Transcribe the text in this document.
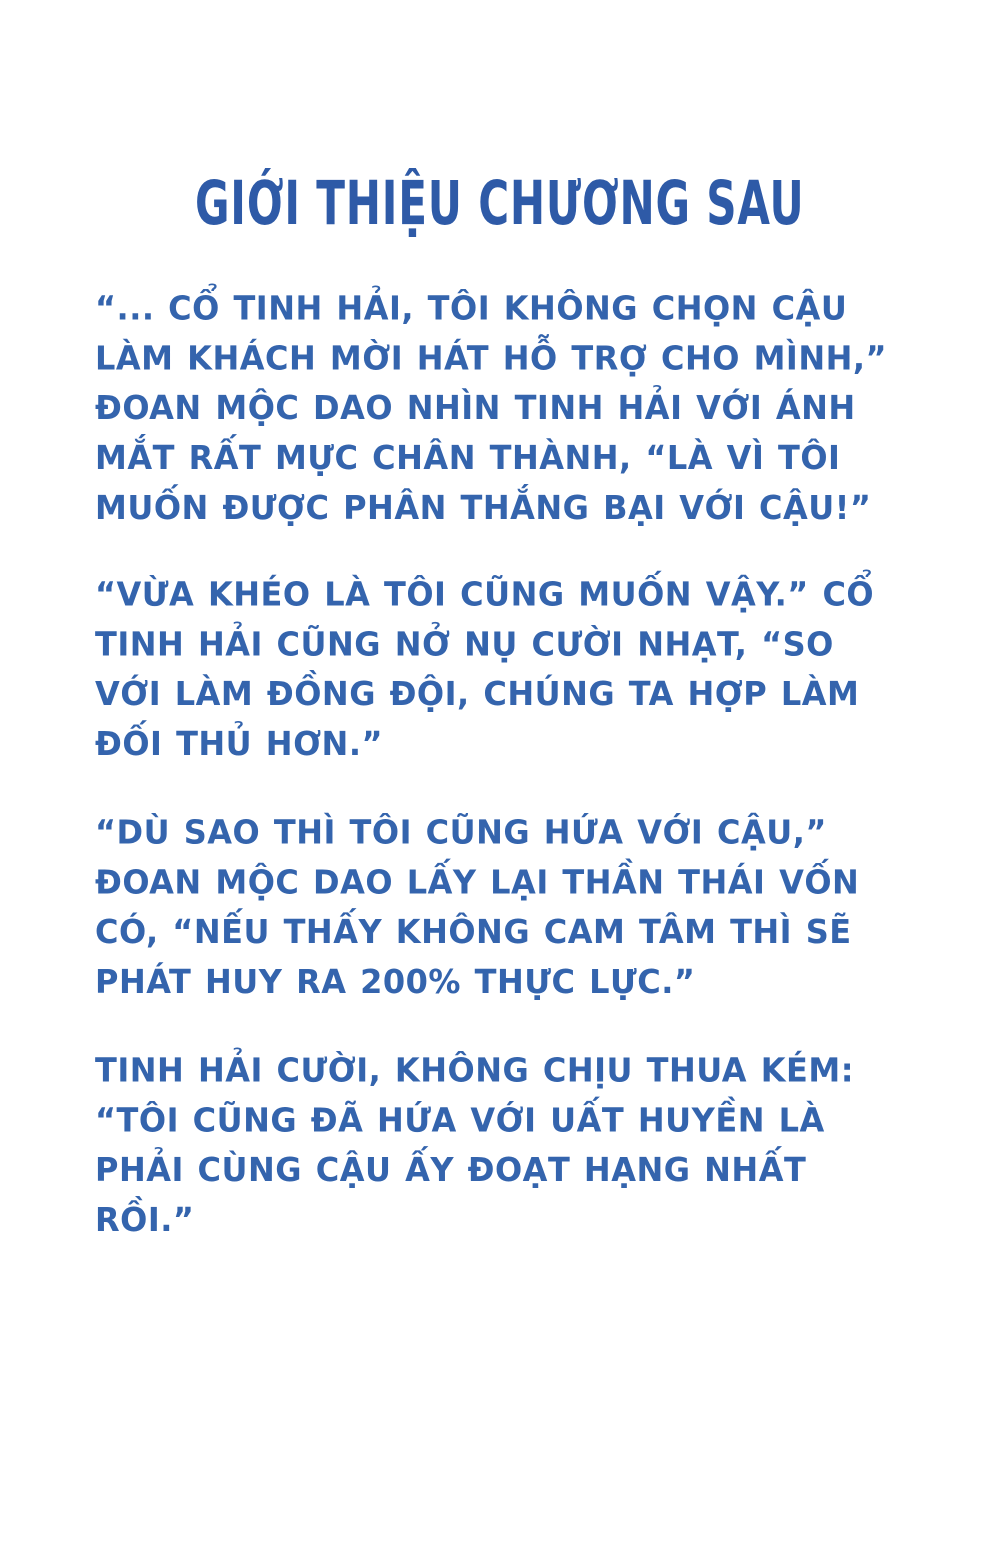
GIỚI THIỆU CHƯƠNG SAU

“... CỔ TINH HẢI, TÔI KHÔNG CHỌN CẬU LÀM KHÁCH MỜI HÁT HỖ TRỢ CHO MÌNH,” ĐOAN MỘC DAO NHÌN TINH HẢI VỚI ÁNH MẮT RẤT MỰC CHÂN THÀNH, “LÀ VÌ TÔI MUỐN ĐƯỢC PHÂN THẮNG BẠI VỚI CẬU!”

“VỪA KHÉO LÀ TÔI CŨNG MUỐN VẬY.” CỔ TINH HẢI CŨNG NỞ NỤ CƯỜI NHẠT, “SO VỚI LÀM ĐỒNG ĐỘI, CHÚNG TA HỢP LÀM ĐỐI THỦ HƠN.”

“DÙ SAO THÌ TÔI CŨNG HỨA VỚI CẬU,” ĐOAN MỘC DAO LẤY LẠI THẦN THÁI VỐN CÓ, “NẾU THẤY KHÔNG CAM TÂM THÌ SẼ PHÁT HUY RA 200% THỰC LỰC.”

TINH HẢI CƯỜI, KHÔNG CHỊU THUA KÉM: “TÔI CŨNG ĐÃ HỨA VỚI UẤT HUYỀN LÀ PHẢI CÙNG CẬU ẤY ĐOẠT HẠNG NHẤT RỒI.”
